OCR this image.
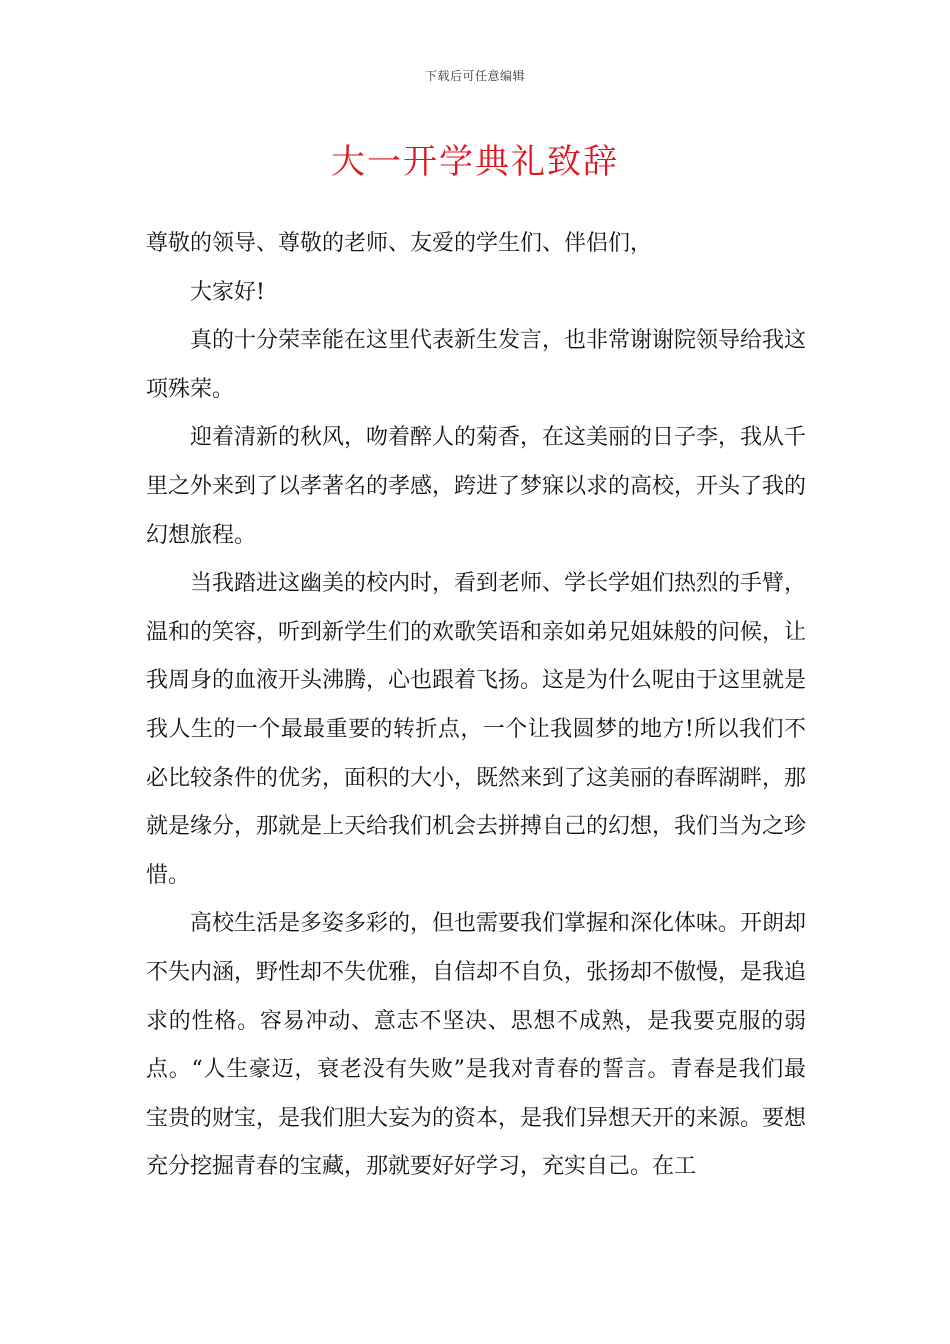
下载后可任意编辑
大一开学典礼致辞

尊敬的领导、尊敬的老师、友爱的学生们、伴侣们，

大家好!

真的十分荣幸能在这里代表新生发言，也非常谢谢院领导给我这项殊荣。

迎着清新的秋风，吻着醉人的菊香，在这美丽的日子李，我从千里之外来到了以孝著名的孝感，跨进了梦寐以求的高校，开头了我的幻想旅程。

当我踏进这幽美的校内时，看到老师、学长学姐们热烈的手臂，温和的笑容，听到新学生们的欢歌笑语和亲如弟兄姐妹般的问候，让我周身的血液开头沸腾，心也跟着飞扬。这是为什么呢由于这里就是我人生的一个最最重要的转折点，一个让我圆梦的地方!所以我们不必比较条件的优劣，面积的大小，既然来到了这美丽的春晖湖畔，那就是缘分，那就是上天给我们机会去拼搏自己的幻想，我们当为之珍惜。

高校生活是多姿多彩的，但也需要我们掌握和深化体味。开朗却不失内涵，野性却不失优雅，自信却不自负，张扬却不傲慢，是我追求的性格。容易冲动、意志不坚决、思想不成熟，是我要克服的弱点。“人生豪迈，衰老没有失败”是我对青春的誓言。青春是我们最宝贵的财宝，是我们胆大妄为的资本，是我们异想天开的来源。要想充分挖掘青春的宝藏，那就要好好学习，充实自己。在工
